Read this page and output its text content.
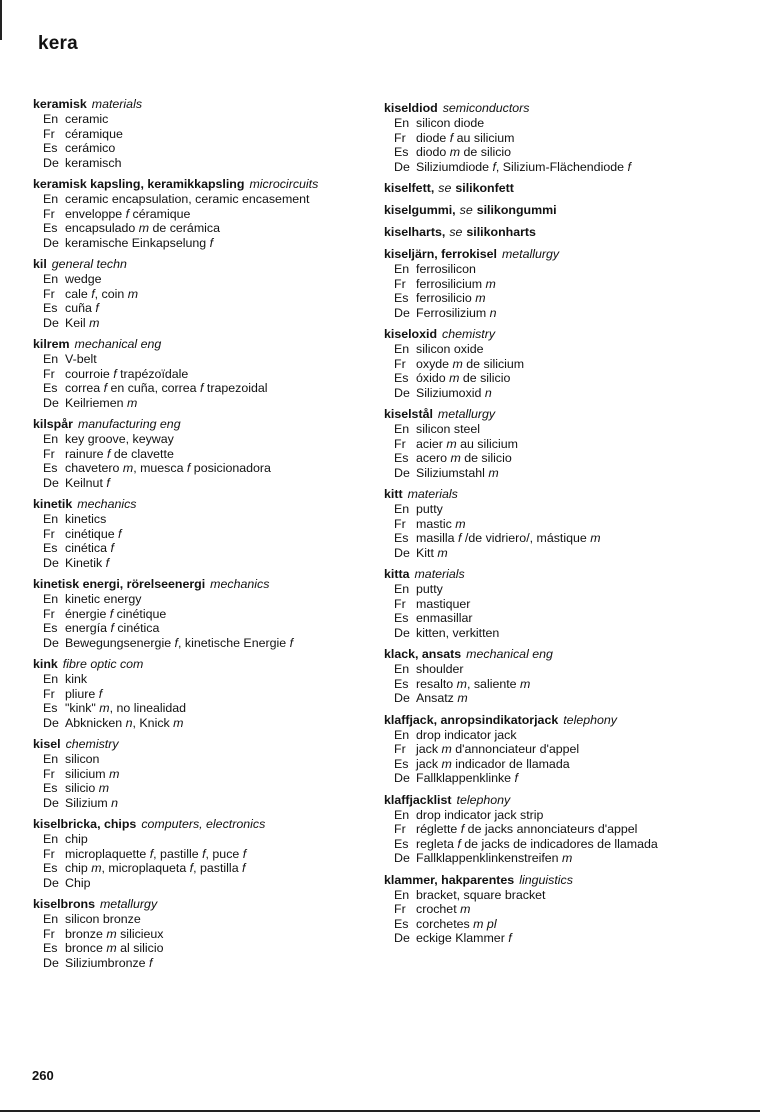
kera
keramisk materials
En ceramic
Fr céramique
Es cerámico
De keramisch
keramisk kapsling, keramikkapsling microcircuits
En ceramic encapsulation, ceramic encasement
Fr enveloppe f céramique
Es encapsulado m de cerámica
De keramische Einkapselung f
kil general techn
En wedge
Fr cale f, coin m
Es cuña f
De Keil m
kilrem mechanical eng
En V-belt
Fr courroie f trapézoïdale
Es correa f en cuña, correa f trapezoidal
De Keilriemen m
kilspår manufacturing eng
En key groove, keyway
Fr rainure f de clavette
Es chavetero m, muesca f posicionadora
De Keilnut f
kinetik mechanics
En kinetics
Fr cinétique f
Es cinética f
De Kinetik f
kinetisk energi, rörelseenergi mechanics
En kinetic energy
Fr énergie f cinétique
Es energía f cinética
De Bewegungsenergie f, kinetische Energie f
kink fibre optic com
En kink
Fr pliure f
Es "kink" m, no linealidad
De Abknicken n, Knick m
kisel chemistry
En silicon
Fr silicium m
Es silicio m
De Silizium n
kiselbricka, chips computers, electronics
En chip
Fr microplaquette f, pastille f, puce f
Es chip m, microplaqueta f, pastilla f
De Chip
kiselbrons metallurgy
En silicon bronze
Fr bronze m silicieux
Es bronce m al silicio
De Siliziumbronze f
kiseldiod semiconductors
En silicon diode
Fr diode f au silicium
Es diodo m de silicio
De Siliziumdiode f, Silizium-Flächendiode f
kiselfett, se silikonfett
kiselgummi, se silikongummi
kiselharts, se silikonharts
kiseljärn, ferrokisel metallurgy
En ferrosilicon
Fr ferrosilicium m
Es ferrosilicio m
De Ferrosilizium n
kiseloxid chemistry
En silicon oxide
Fr oxyde m de silicium
Es óxido m de silicio
De Siliziumoxid n
kiselstål metallurgy
En silicon steel
Fr acier m au silicium
Es acero m de silicio
De Siliziumstahl m
kitt materials
En putty
Fr mastic m
Es masilla f /de vidriero/, mástique m
De Kitt m
kitta materials
En putty
Fr mastiquer
Es enmasillar
De kitten, verkitten
klack, ansats mechanical eng
En shoulder
Es resalto m, saliente m
De Ansatz m
klaffjack, anropsindikatorjack telephony
En drop indicator jack
Fr jack m d'annonciateur d'appel
Es jack m indicador de llamada
De Fallklappenklinke f
klaffjacklist telephony
En drop indicator jack strip
Fr réglette f de jacks annonciateurs d'appel
Es regleta f de jacks de indicadores de llamada
De Fallklappenklinkenstreifen m
klammer, hakparentes linguistics
En bracket, square bracket
Fr crochet m
Es corchetes m pl
De eckige Klammer f
260
